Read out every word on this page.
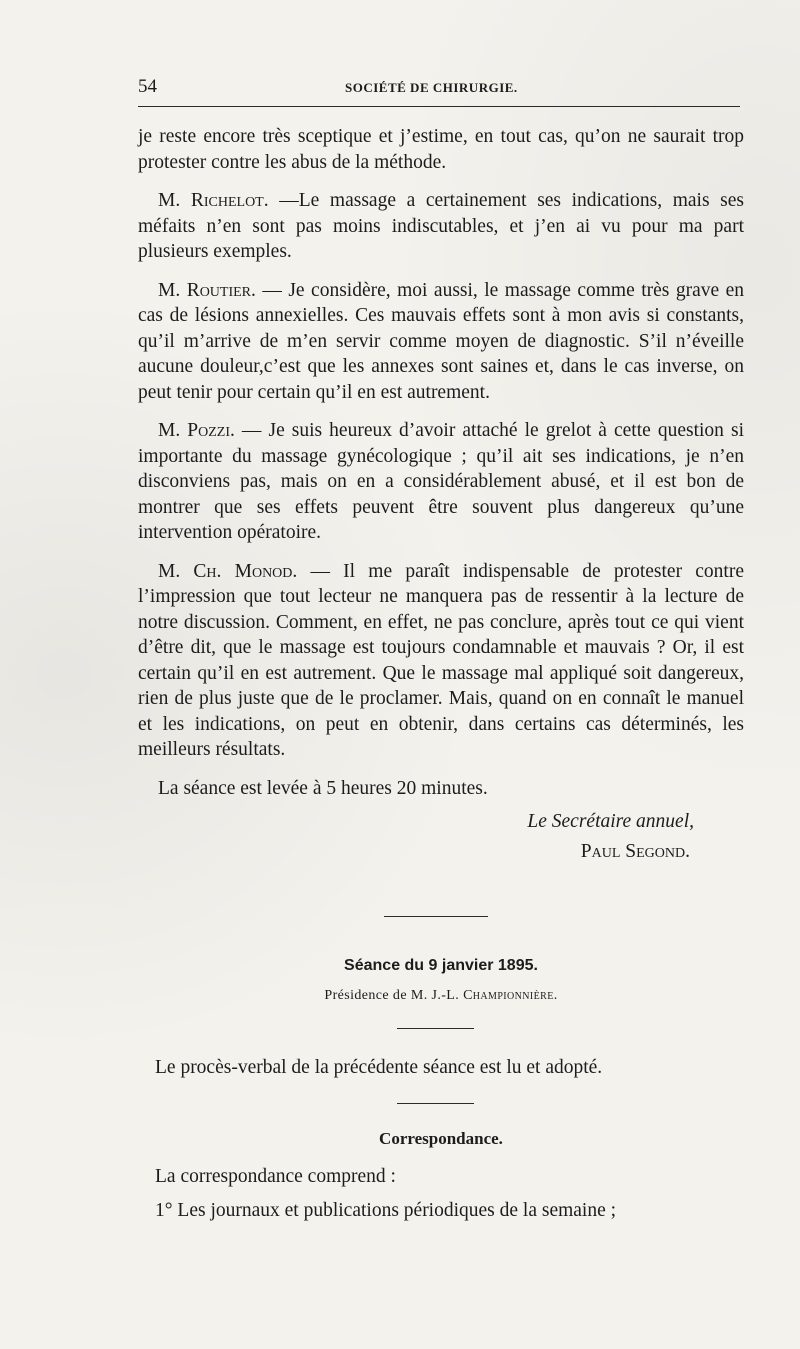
54	SOCIÉTÉ DE CHIRURGIE.

je reste encore très sceptique et j’estime, en tout cas, qu’on ne saurait trop protester contre les abus de la méthode.

M. Richelot. —Le massage a certainement ses indications, mais ses méfaits n’en sont pas moins indiscutables, et j’en ai vu pour ma part plusieurs exemples.

M. Routier. — Je considère, moi aussi, le massage comme très grave en cas de lésions annexielles. Ces mauvais effets sont à mon avis si constants, qu’il m’arrive de m’en servir comme moyen de diagnostic. S’il n’éveille aucune douleur,c’est que les annexes sont saines et, dans le cas inverse, on peut tenir pour certain qu’il en est autrement.

M. Pozzi. — Je suis heureux d’avoir attaché le grelot à cette question si importante du massage gynécologique ; qu’il ait ses indications, je n’en disconviens pas, mais on en a considérablement abusé, et il est bon de montrer que ses effets peuvent être souvent plus dangereux qu’une intervention opératoire.

M. Ch. Monod. — Il me paraît indispensable de protester contre l’impression que tout lecteur ne manquera pas de ressentir à la lecture de notre discussion. Comment, en effet, ne pas conclure, après tout ce qui vient d’être dit, que le massage est toujours condamnable et mauvais ? Or, il est certain qu’il en est autrement. Que le massage mal appliqué soit dangereux, rien de plus juste que de le proclamer. Mais, quand on en connaît le manuel et les indications, on peut en obtenir, dans certains cas déterminés, les meilleurs résultats.

La séance est levée à 5 heures 20 minutes.

Le Secrétaire annuel,
Paul Segond.

Séance du 9 janvier 1895.
Présidence de M. J.-L. Championnière.
Le procès-verbal de la précédente séance est lu et adopté.
Correspondance.
La correspondance comprend :
1° Les journaux et publications périodiques de la semaine ;
